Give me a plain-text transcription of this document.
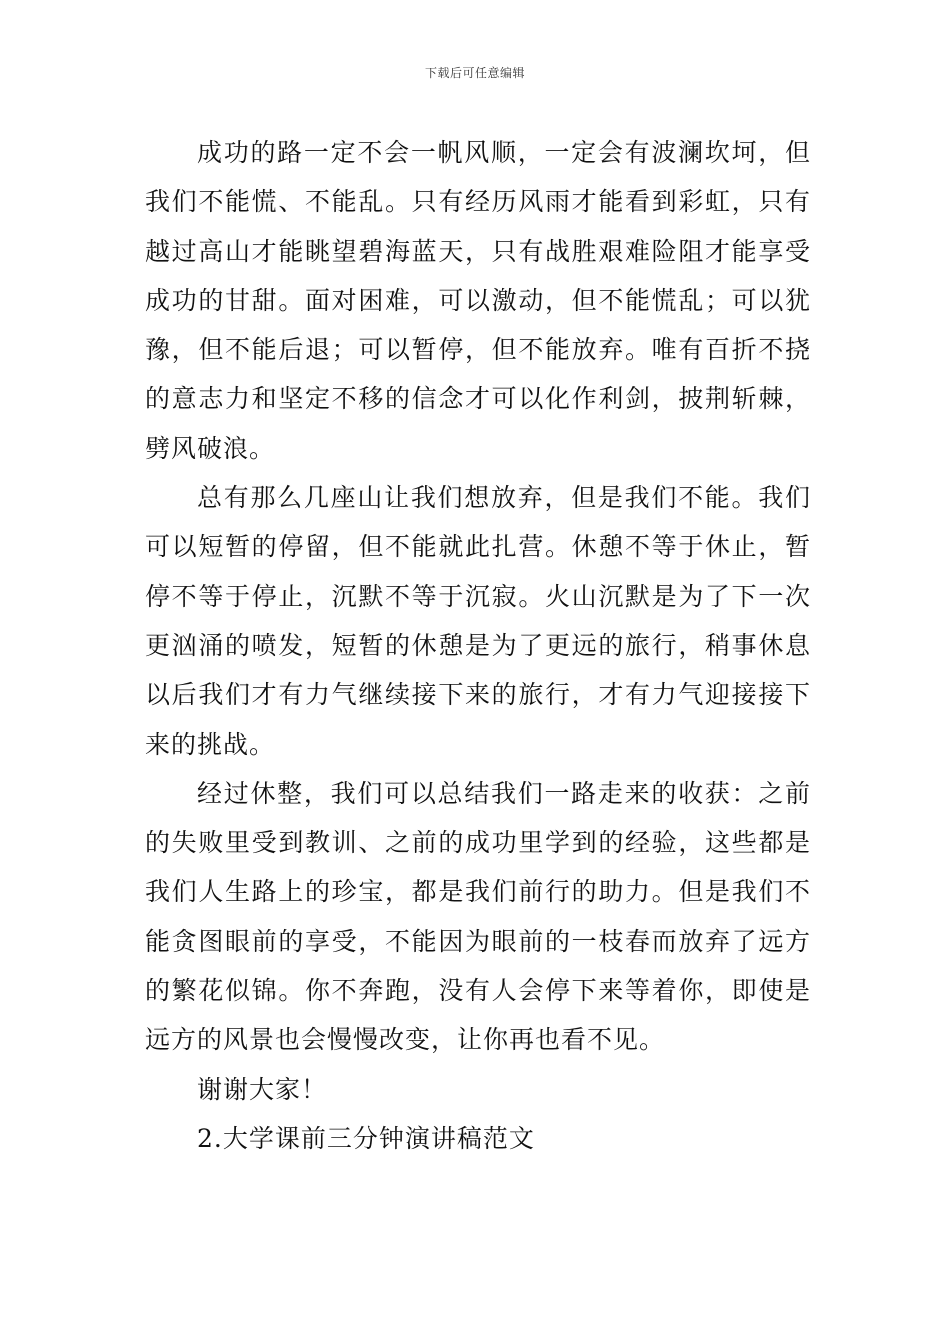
下载后可任意编辑

成功的路一定不会一帆风顺，一定会有波澜坎坷，但我们不能慌、不能乱。只有经历风雨才能看到彩虹，只有越过高山才能眺望碧海蓝天，只有战胜艰难险阻才能享受成功的甘甜。面对困难，可以激动，但不能慌乱；可以犹豫，但不能后退；可以暂停，但不能放弃。唯有百折不挠的意志力和坚定不移的信念才可以化作利剑，披荆斩棘，劈风破浪。

总有那么几座山让我们想放弃，但是我们不能。我们可以短暂的停留，但不能就此扎营。休憩不等于休止，暂停不等于停止，沉默不等于沉寂。火山沉默是为了下一次更汹涌的喷发，短暂的休憩是为了更远的旅行，稍事休息以后我们才有力气继续接下来的旅行，才有力气迎接接下来的挑战。

经过休整，我们可以总结我们一路走来的收获：之前的失败里受到教训、之前的成功里学到的经验，这些都是我们人生路上的珍宝，都是我们前行的助力。但是我们不能贪图眼前的享受，不能因为眼前的一枝春而放弃了远方的繁花似锦。你不奔跑，没有人会停下来等着你，即使是远方的风景也会慢慢改变，让你再也看不见。

谢谢大家！

2.大学课前三分钟演讲稿范文
